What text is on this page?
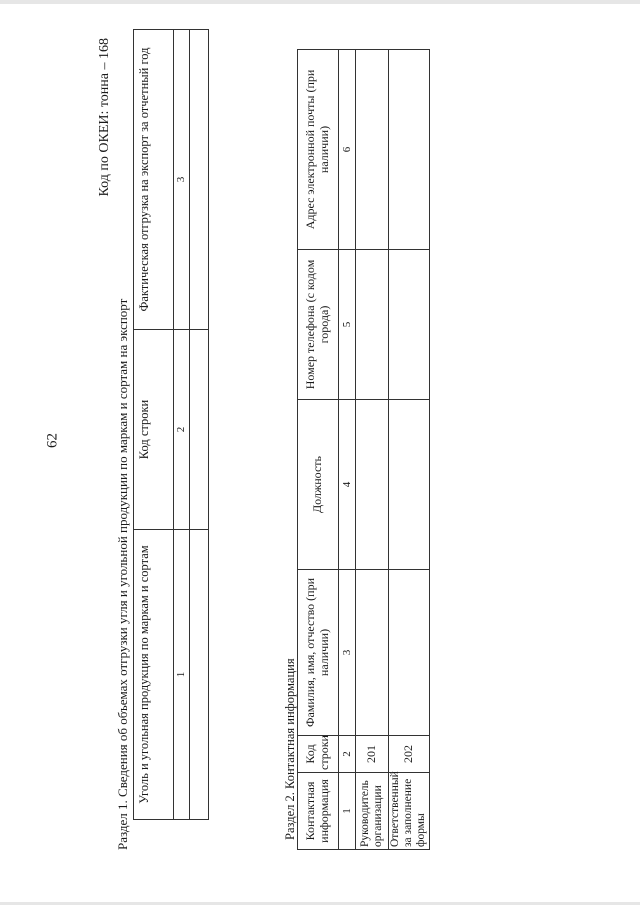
62
Код по ОКЕИ: тонна – 168
Раздел 1. Сведения об объемах отгрузки угля и угольной продукции по маркам и сортам на экспорт Уголь и угольная продукция по маркам и сортам	Код строки	Фактическая отгрузка на экспорт за отчетный год
1	2	3

Раздел 2. Контактная информация Контактная информация	Код строки	Фамилия, имя, отчество (при наличии)	Должность	Номер телефона (с кодом города)	Адрес электронной почты (при наличии)
1	2	3	4	5	6
Руководитель организации	201				
Ответственный за заполнение формы	202				
